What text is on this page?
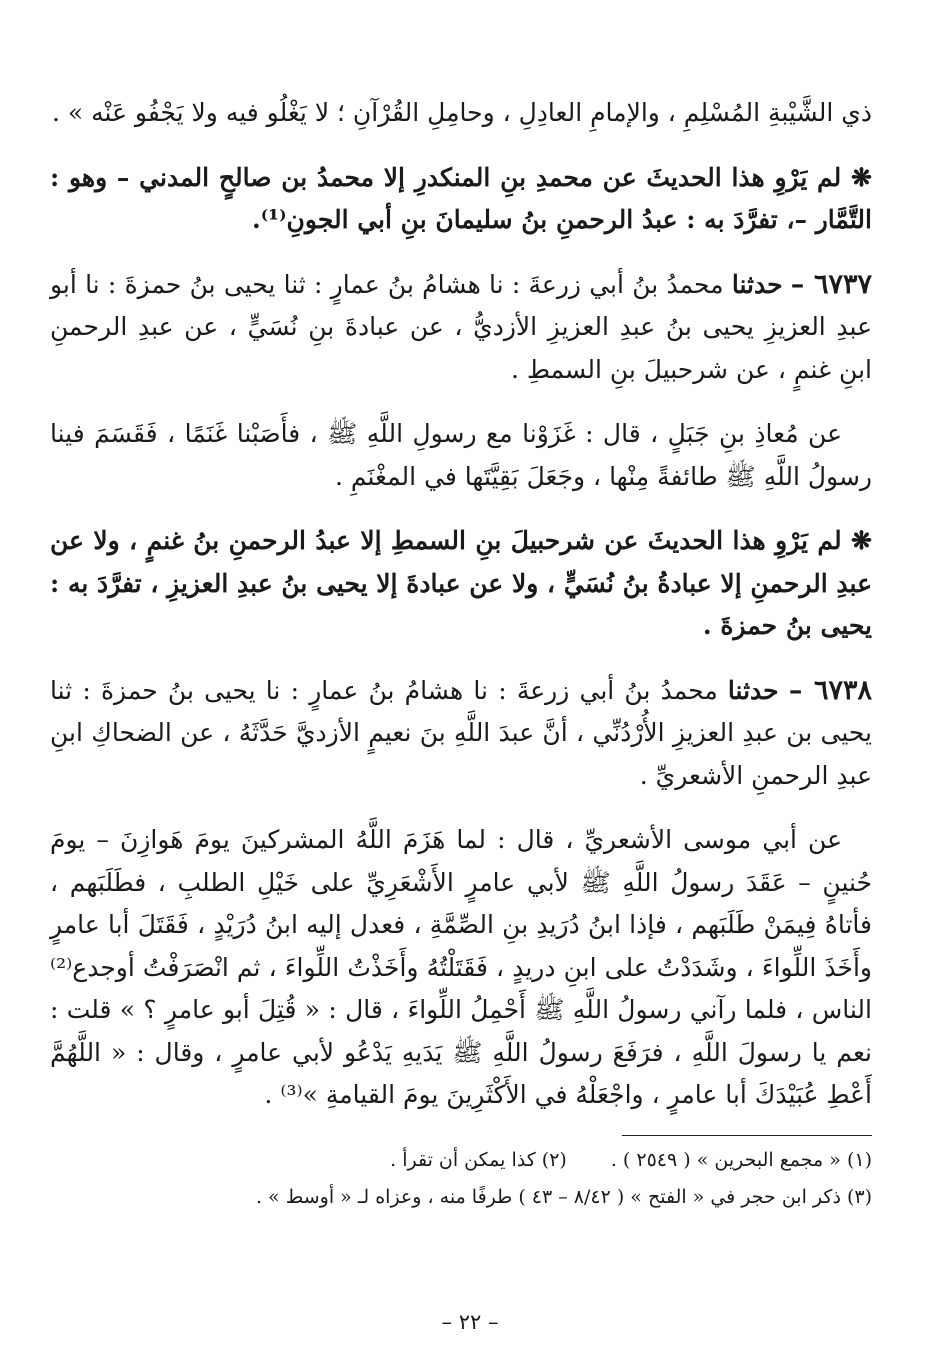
ذي الشَّيْبةِ المُسْلِمِ ، والإمامِ العادِلِ ، وحامِلِ القُرْآنِ ؛ لا يَغْلُو فيه ولا يَجْفُو عَنْه » .

❋ لم يَرْوِ هذا الحديثَ عن محمدِ بنِ المنكدرِ إلا محمدُ بن صالحٍ المدني – وهو : التَّمَّار –، تفرَّدَ به : عبدُ الرحمنِ بنُ سليمانَ بنِ أبي الجونِ⁽¹⁾.

٦٧٣٧ – حدثنا محمدُ بنُ أبي زرعةَ : نا هشامُ بنُ عمارٍ : ثنا يحيى بنُ حمزةَ : نا أبو عبدِ العزيزِ يحيى بنُ عبدِ العزيزِ الأزديُّ ، عن عبادةَ بنِ نُسَيٍّ ، عن عبدِ الرحمنِ ابنِ غنمٍ ، عن شرحبيلَ بنِ السمطِ .

عن مُعاذِ بنِ جَبَلٍ ، قال : غَزَوْنا مع رسولِ اللَّهِ ﷺ ، فأَصَبْنا غَنَمًا ، فَقَسَمَ فينا رسولُ اللَّهِ ﷺ طائفةً مِنْها ، وجَعَلَ بَقِيَّتَها في المغْنَمِ .

❋ لم يَرْوِ هذا الحديثَ عن شرحبيلَ بنِ السمطِ إلا عبدُ الرحمنِ بنُ غنمٍ ، ولا عن عبدِ الرحمنِ إلا عبادةُ بنُ نُسَيٍّ ، ولا عن عبادةَ إلا يحيى بنُ عبدِ العزيزِ ، تفرَّدَ به : يحيى بنُ حمزةَ .

٦٧٣٨ – حدثنا محمدُ بنُ أبي زرعةَ : نا هشامُ بنُ عمارٍ : نا يحيى بنُ حمزةَ : ثنا يحيى بن عبدِ العزيزِ الأُرْدُنِّي ، أنَّ عبدَ اللَّهِ بنَ نعيمٍ الأزديَّ حَدَّثَهُ ، عن الضحاكِ ابنِ عبدِ الرحمنِ الأشعريِّ .

عن أبي موسى الأشعريِّ ، قال : لما هَزَمَ اللَّهُ المشركينَ يومَ هَوازِنَ – يومَ حُنينٍ – عَقَدَ رسولُ اللَّهِ ﷺ لأبي عامرٍ الأَشْعَرِيِّ على خَيْلِ الطلبِ ، فطَلَبَهم ، فأتاهُ فِيمَنْ طَلَبَهم ، فإذا ابنُ دُرَيدِ بنِ الصِّمَّةِ ، فعدل إليه ابنُ دُرَيْدٍ ، فَقَتَلَ أبا عامرٍ وأَخَذَ اللِّواءَ ، وشَدَدْتُ على ابنِ دريدٍ ، فَقَتَلْتُهُ وأَخَذْتُ اللِّواءَ ، ثم انْصَرَفْتُ أوجدع⁽²⁾ الناس ، فلما رآني رسولُ اللَّهِ ﷺ أَحْمِلُ اللِّواءَ ، قال : « قُتِلَ أبو عامرٍ ؟ » قلت : نعم يا رسولَ اللَّهِ ، فرَفَعَ رسولُ اللَّهِ ﷺ يَدَيهِ يَدْعُو لأبي عامرٍ ، وقال : « اللَّهُمَّ أَعْطِ عُبَيْدَكَ أبا عامرٍ ، واجْعَلْهُ في الأَكْثَرِينَ يومَ القيامةِ »⁽³⁾ .

(١) « مجمع البحرين » ( ٢٥٤٩ ) .
(٢) كذا يمكن أن تقرأ .
(٣) ذكر ابن حجر في « الفتح » ( ٨/٤٢ – ٤٣ ) طرفًا منه ، وعزاه لـ « أوسط » .
– ٢٢ –
